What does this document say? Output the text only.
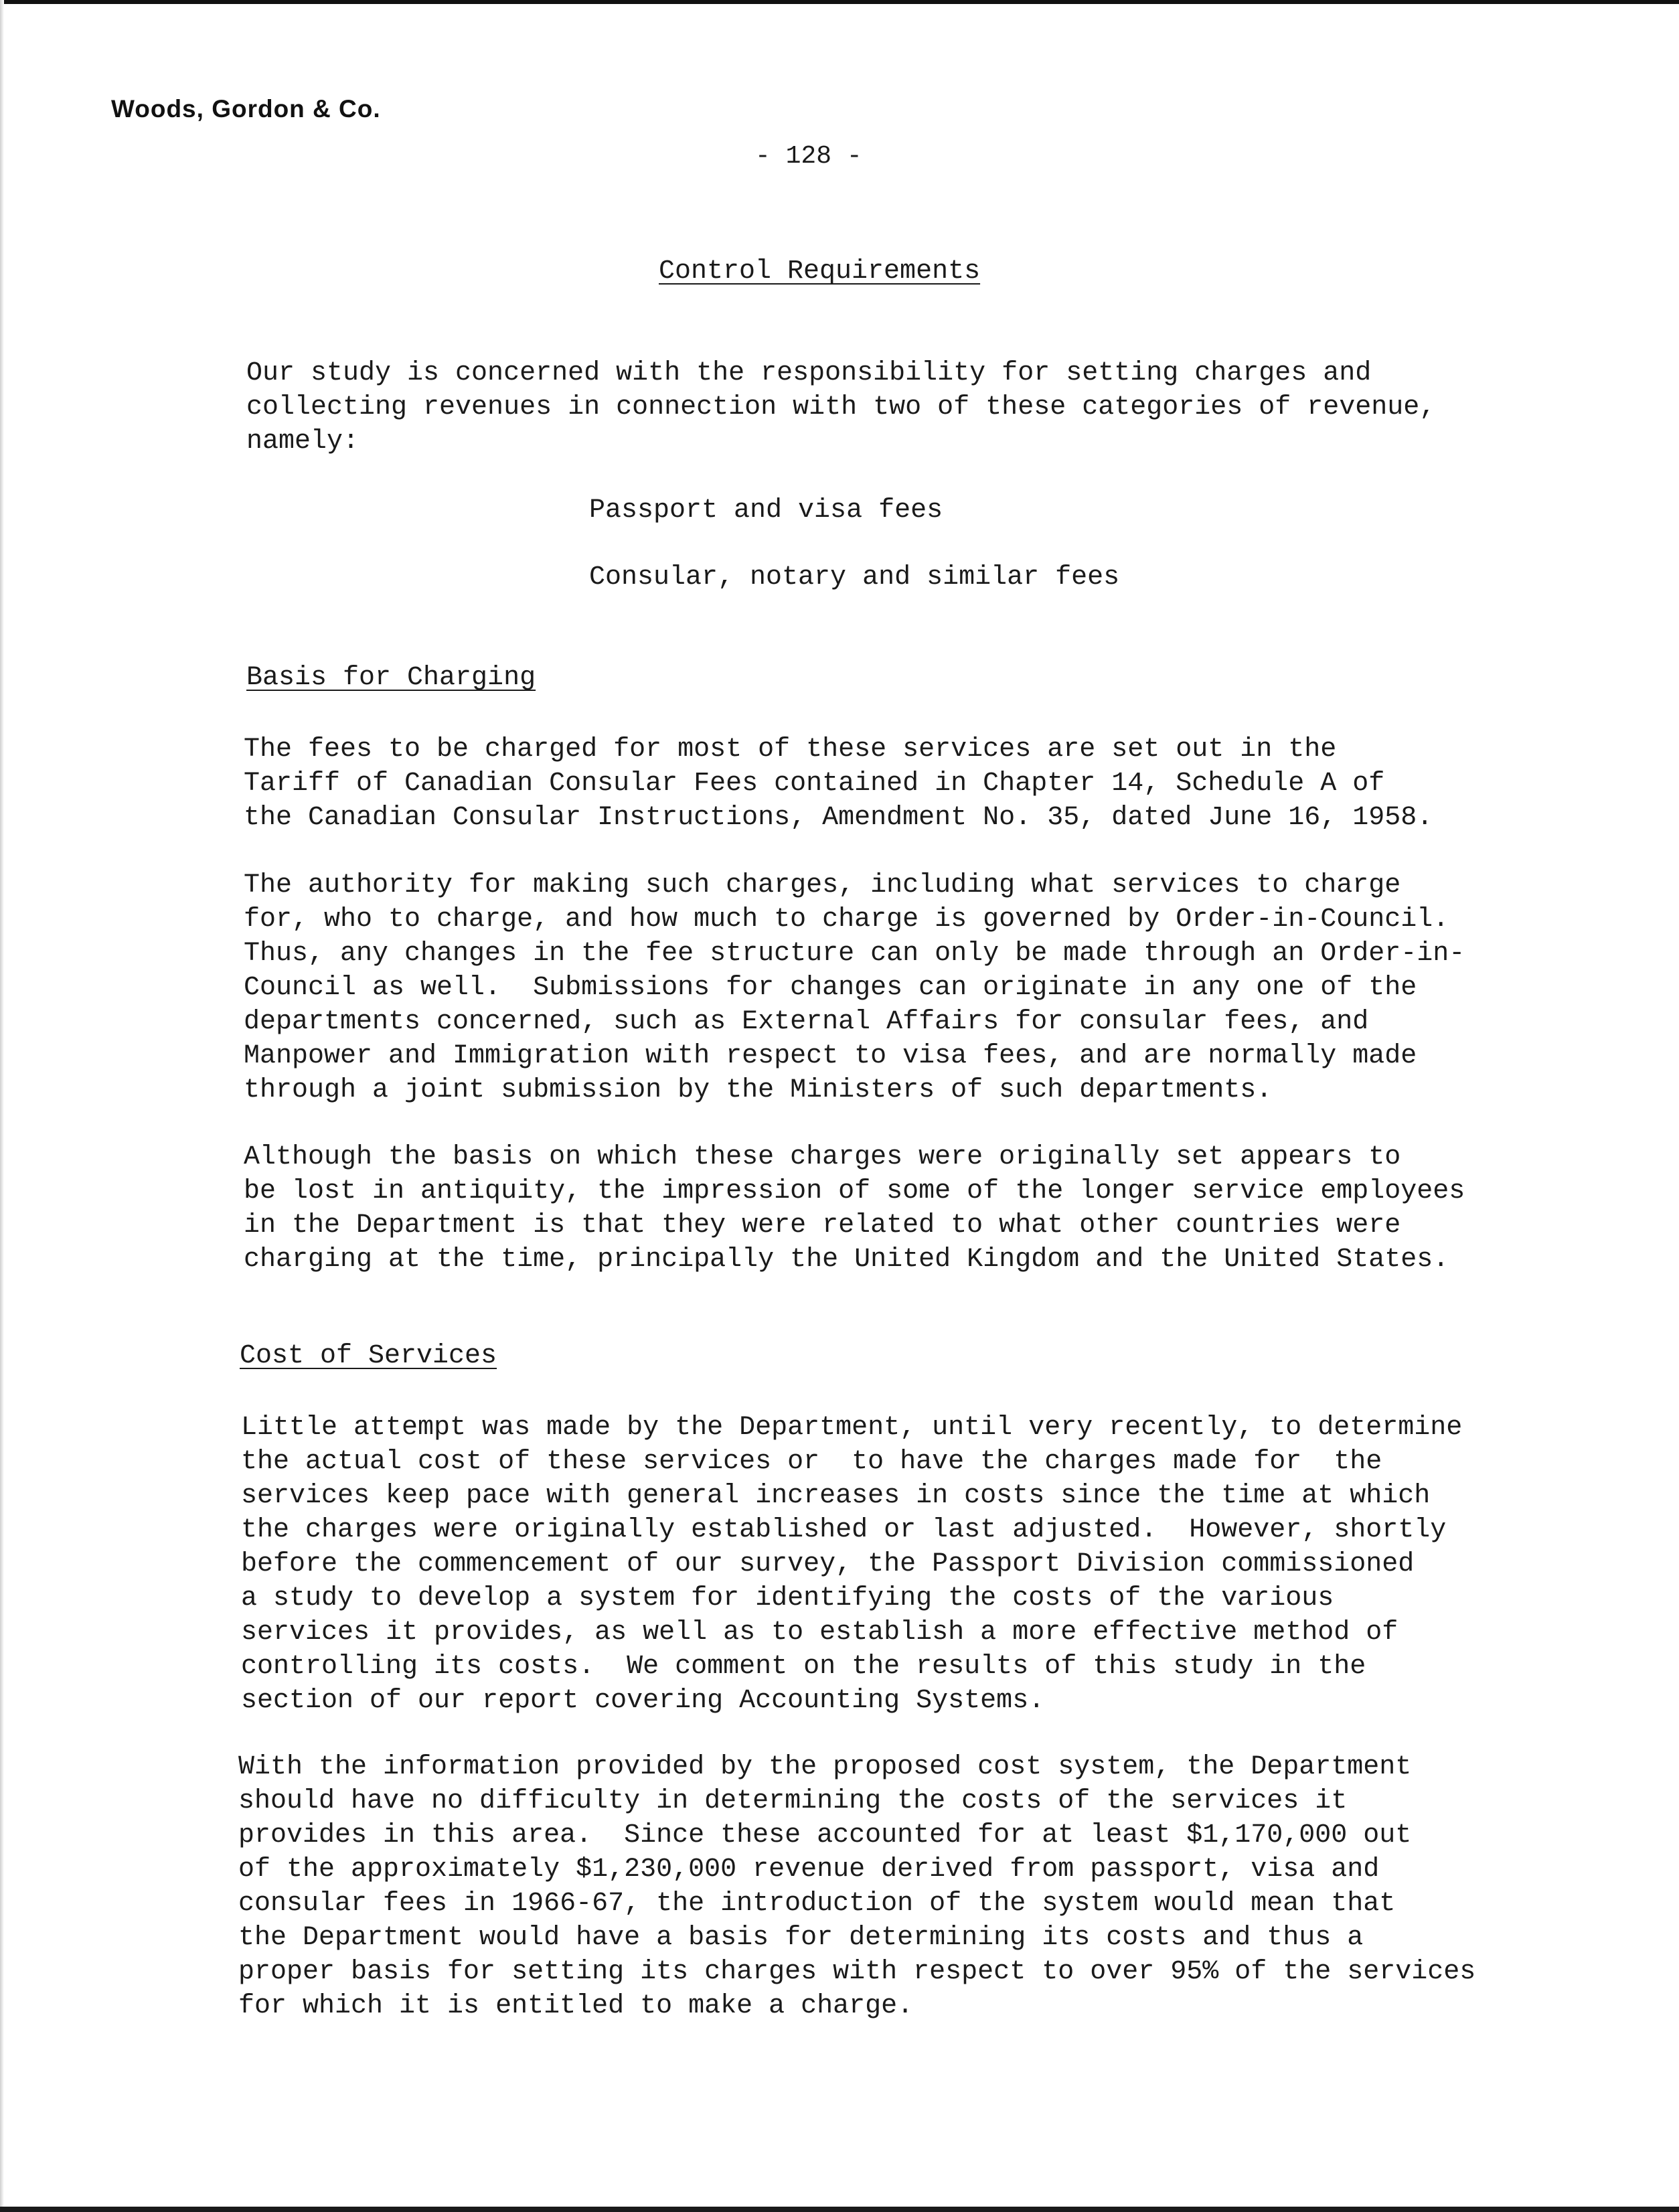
Woods, Gordon & Co.
- 128 -
Control Requirements

Our study is concerned with the responsibility for setting charges and
collecting revenues in connection with two of these categories of revenue,
namely:

Passport and visa fees
Consular, notary and similar fees
Basis for Charging

The fees to be charged for most of these services are set out in the
Tariff of Canadian Consular Fees contained in Chapter 14, Schedule A of
the Canadian Consular Instructions, Amendment No. 35, dated June 16, 1958.

The authority for making such charges, including what services to charge
for, who to charge, and how much to charge is governed by Order-in-Council.
Thus, any changes in the fee structure can only be made through an Order-in-
Council as well.  Submissions for changes can originate in any one of the
departments concerned, such as External Affairs for consular fees, and
Manpower and Immigration with respect to visa fees, and are normally made
through a joint submission by the Ministers of such departments.

Although the basis on which these charges were originally set appears to
be lost in antiquity, the impression of some of the longer service employees
in the Department is that they were related to what other countries were
charging at the time, principally the United Kingdom and the United States.

Cost of Services

Little attempt was made by the Department, until very recently, to determine
the actual cost of these services or  to have the charges made for  the
services keep pace with general increases in costs since the time at which
the charges were originally established or last adjusted.  However, shortly
before the commencement of our survey, the Passport Division commissioned
a study to develop a system for identifying the costs of the various
services it provides, as well as to establish a more effective method of
controlling its costs.  We comment on the results of this study in the
section of our report covering Accounting Systems.

With the information provided by the proposed cost system, the Department
should have no difficulty in determining the costs of the services it
provides in this area.  Since these accounted for at least $1,170,000 out
of the approximately $1,230,000 revenue derived from passport, visa and
consular fees in 1966-67, the introduction of the system would mean that
the Department would have a basis for determining its costs and thus a
proper basis for setting its charges with respect to over 95% of the services
for which it is entitled to make a charge.
